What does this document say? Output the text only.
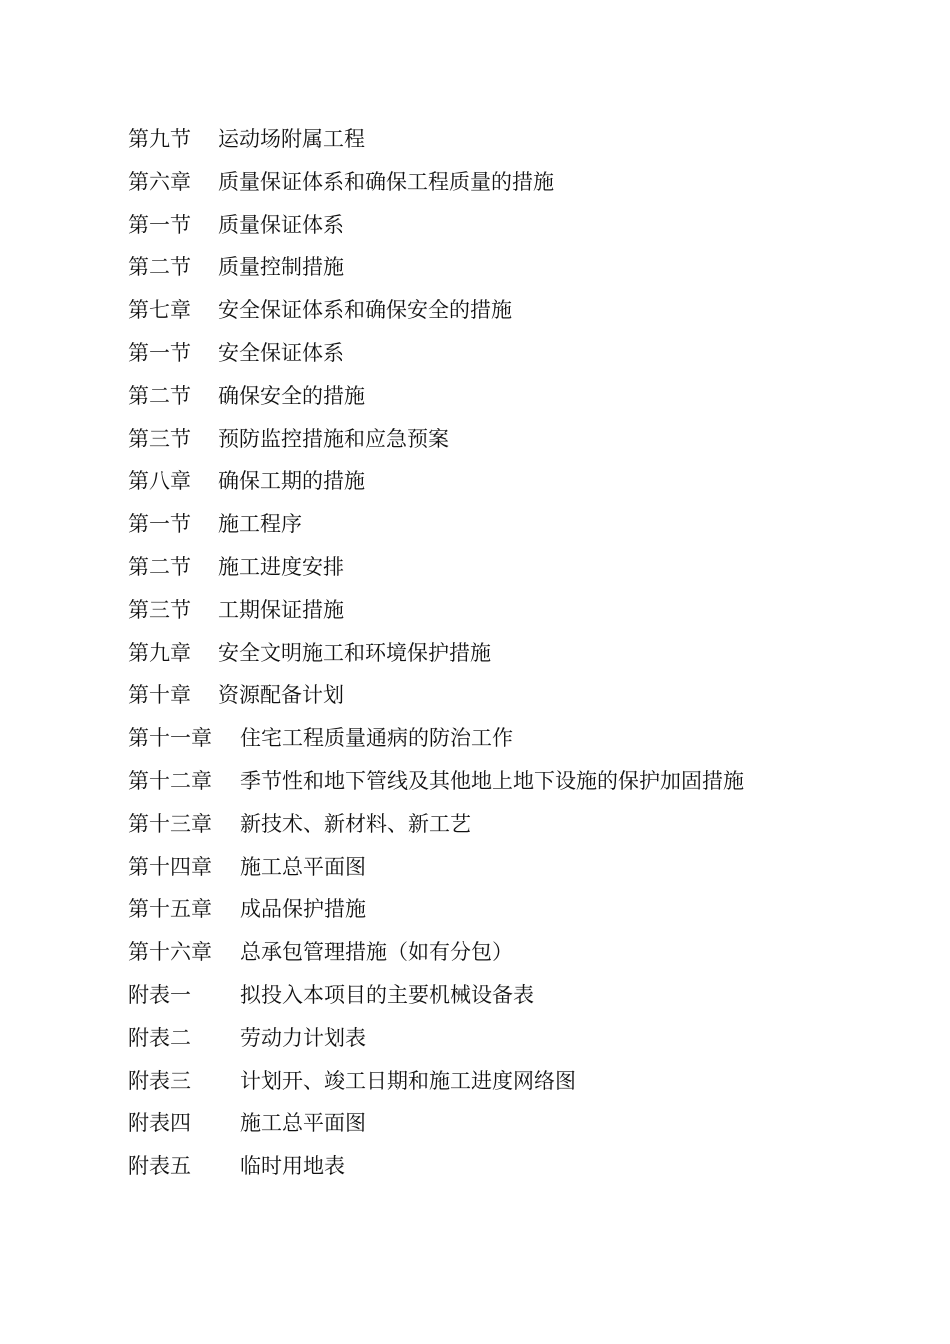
第九节	运动场附属工程
第六章	质量保证体系和确保工程质量的措施
第一节	质量保证体系
第二节	质量控制措施
第七章	安全保证体系和确保安全的措施
第一节	安全保证体系
第二节	确保安全的措施
第三节	预防监控措施和应急预案
第八章	确保工期的措施
第一节	施工程序
第二节	施工进度安排
第三节	工期保证措施
第九章	安全文明施工和环境保护措施
第十章	资源配备计划
第十一章	住宅工程质量通病的防治工作
第十二章	季节性和地下管线及其他地上地下设施的保护加固措施
第十三章	新技术、新材料、新工艺
第十四章	施工总平面图
第十五章	成品保护措施
第十六章	总承包管理措施（如有分包）
附表一	拟投入本项目的主要机械设备表
附表二	劳动力计划表
附表三	计划开、竣工日期和施工进度网络图
附表四	施工总平面图
附表五	临时用地表
